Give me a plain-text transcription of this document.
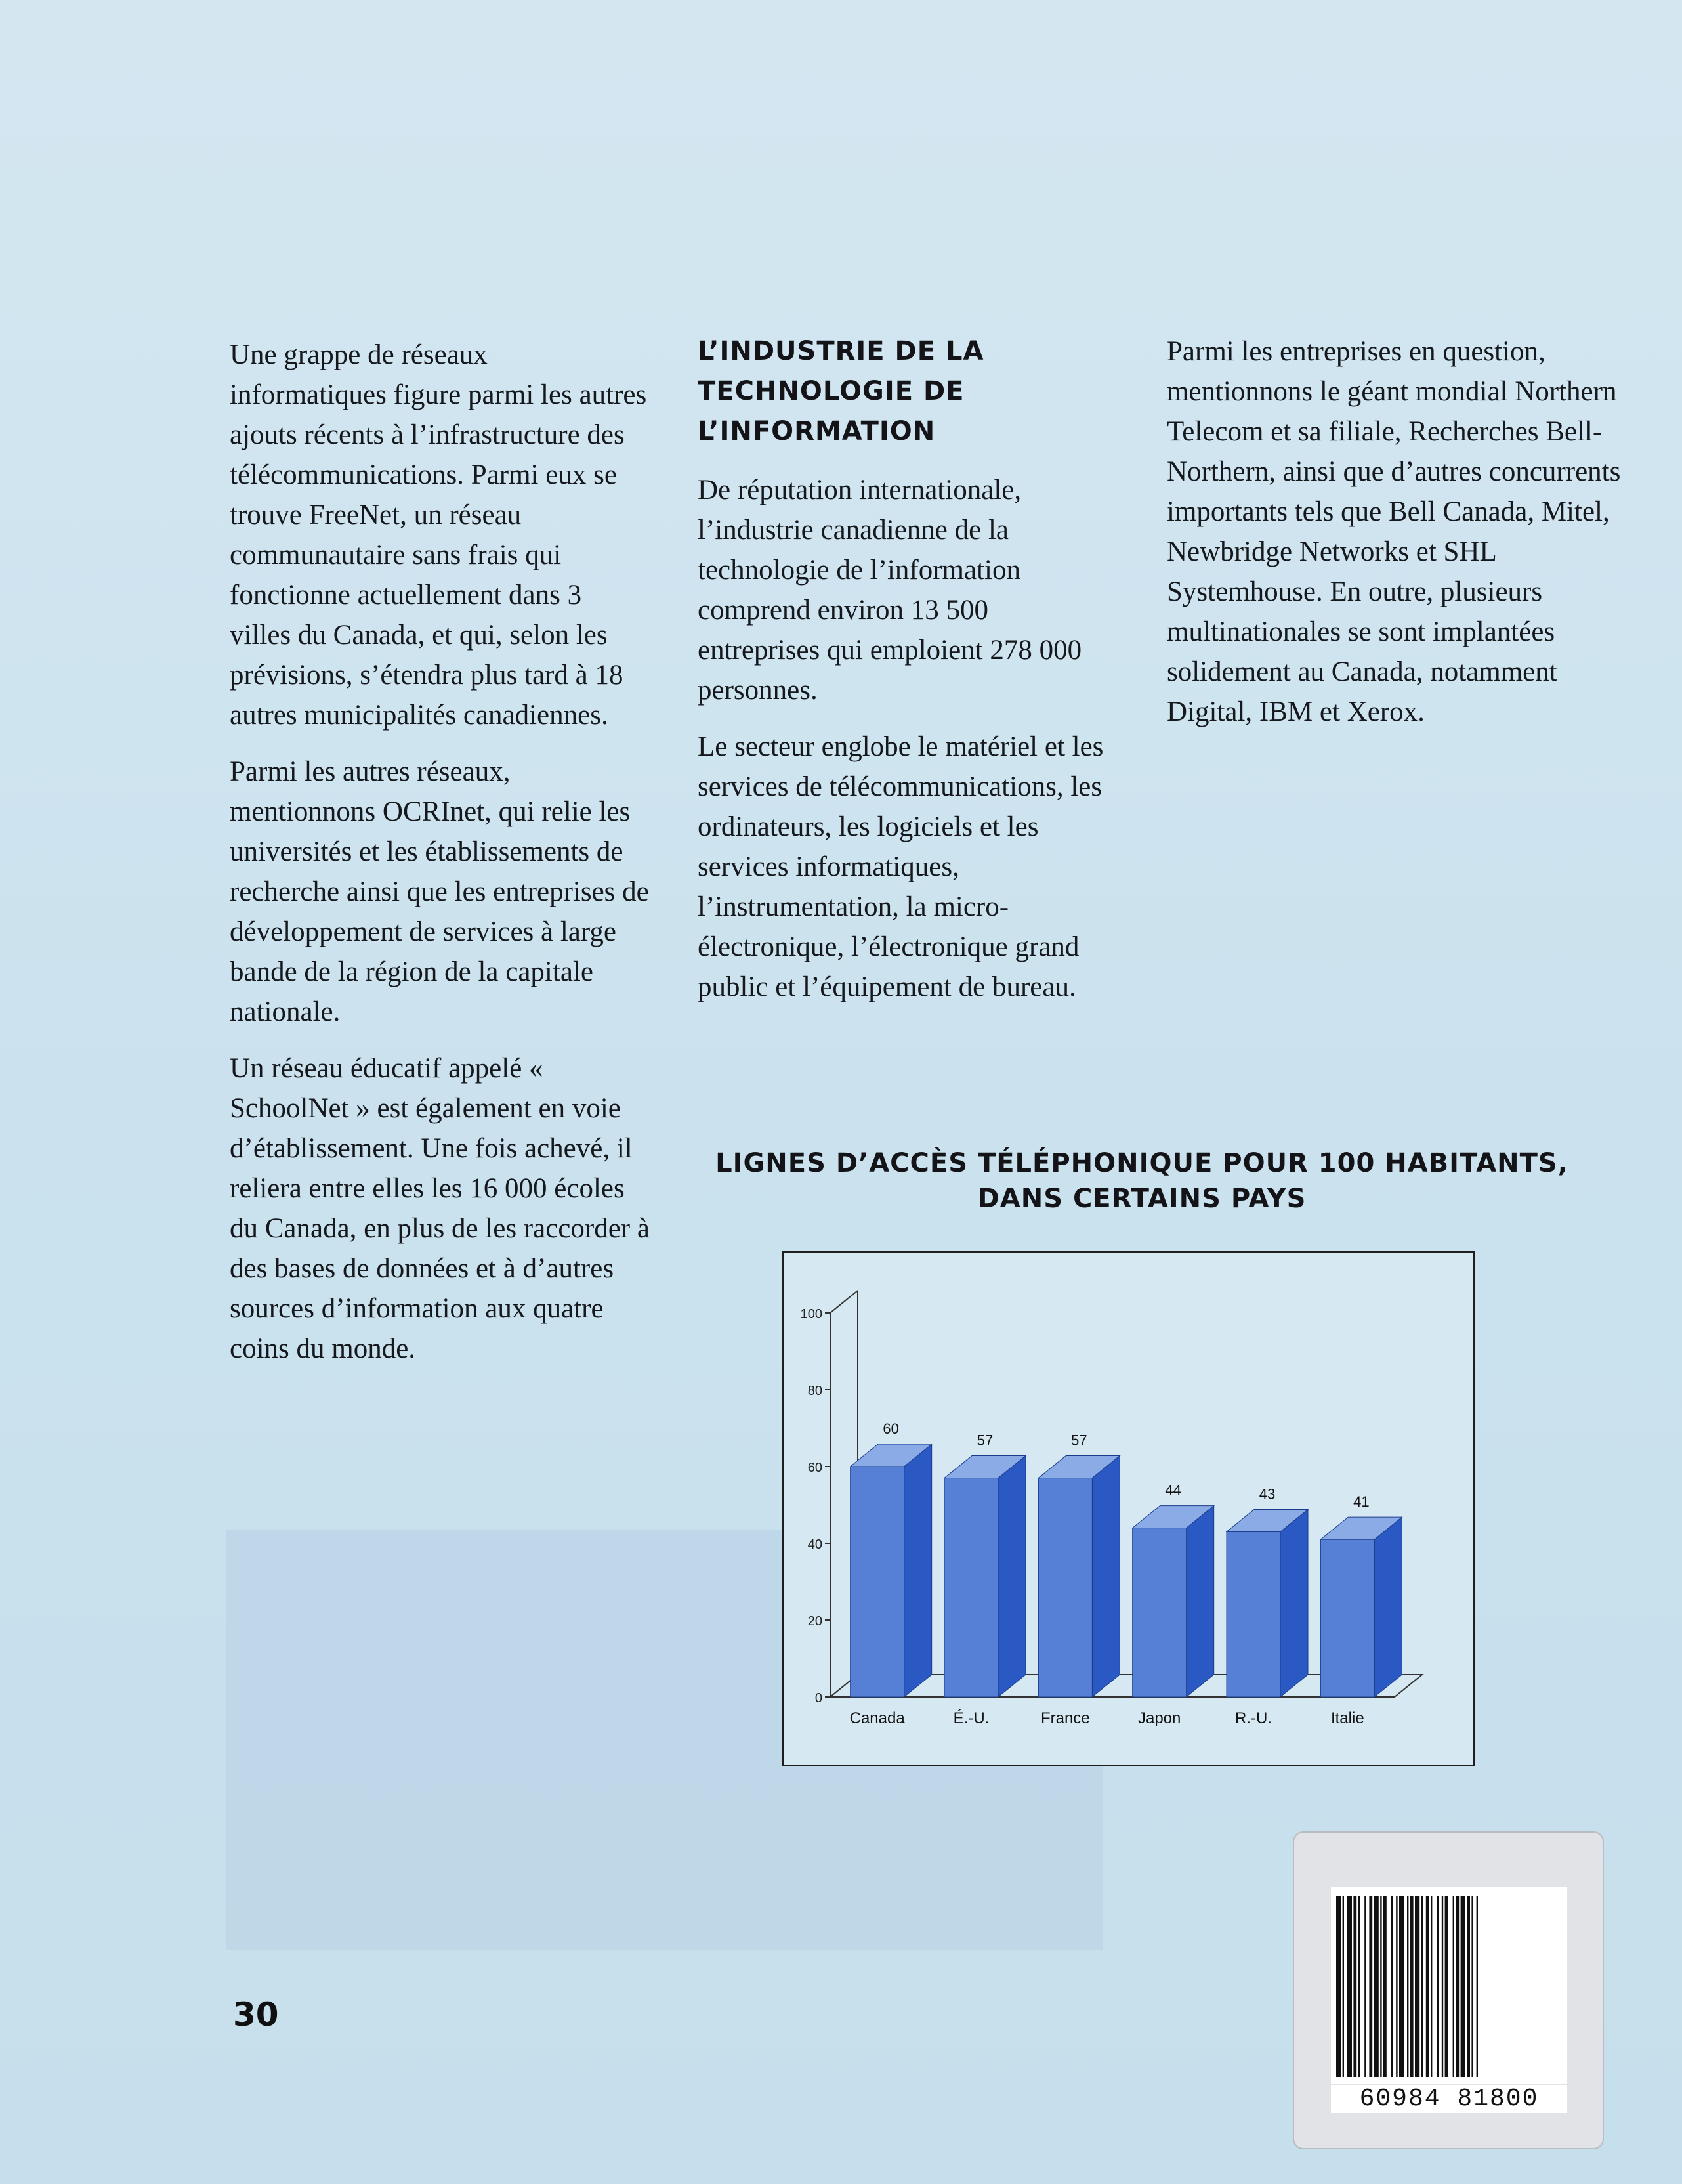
Une grappe de réseaux informatiques figure parmi les autres ajouts récents à l’infrastructure des télécommunications. Parmi eux se trouve FreeNet, un réseau communautaire sans frais qui fonctionne actuellement dans 3 villes du Canada, et qui, selon les prévisions, s’étendra plus tard à 18 autres municipalités canadiennes.

Parmi les autres réseaux, mentionnons OCRInet, qui relie les universités et les établissements de recherche ainsi que les entreprises de développement de services à large bande de la région de la capitale nationale.

Un réseau éducatif appelé « SchoolNet » est également en voie d’établissement. Une fois achevé, il reliera entre elles les 16 000 écoles du Canada, en plus de les raccorder à des bases de données et à d’autres sources d’information aux quatre coins du monde.

L’INDUSTRIE DE LA TECHNOLOGIE DE L’INFORMATION

De réputation internationale, l’industrie canadienne de la technologie de l’information comprend environ 13 500 entreprises qui emploient 278 000 personnes.

Le secteur englobe le matériel et les services de télécommunications, les ordinateurs, les logiciels et les services informatiques, l’instrumentation, la micro-électronique, l’électronique grand public et l’équipement de bureau.

Parmi les entreprises en question, mentionnons le géant mondial Northern Telecom et sa filiale, Recherches Bell-Northern, ainsi que d’autres concurrents importants tels que Bell Canada, Mitel, Newbridge Networks et SHL Systemhouse. En outre, plusieurs multinationales se sont implantées solidement au Canada, notamment Digital, IBM et Xerox.

LIGNES D’ACCÈS TÉLÉPHONIQUE POUR 100 HABITANTS,
DANS CERTAINS PAYS
0
20
40
60
80
100
60
Canada
57
É.-U.
57
France
44
Japon
43
R.-U.
41
Italie
30
60984 81800
